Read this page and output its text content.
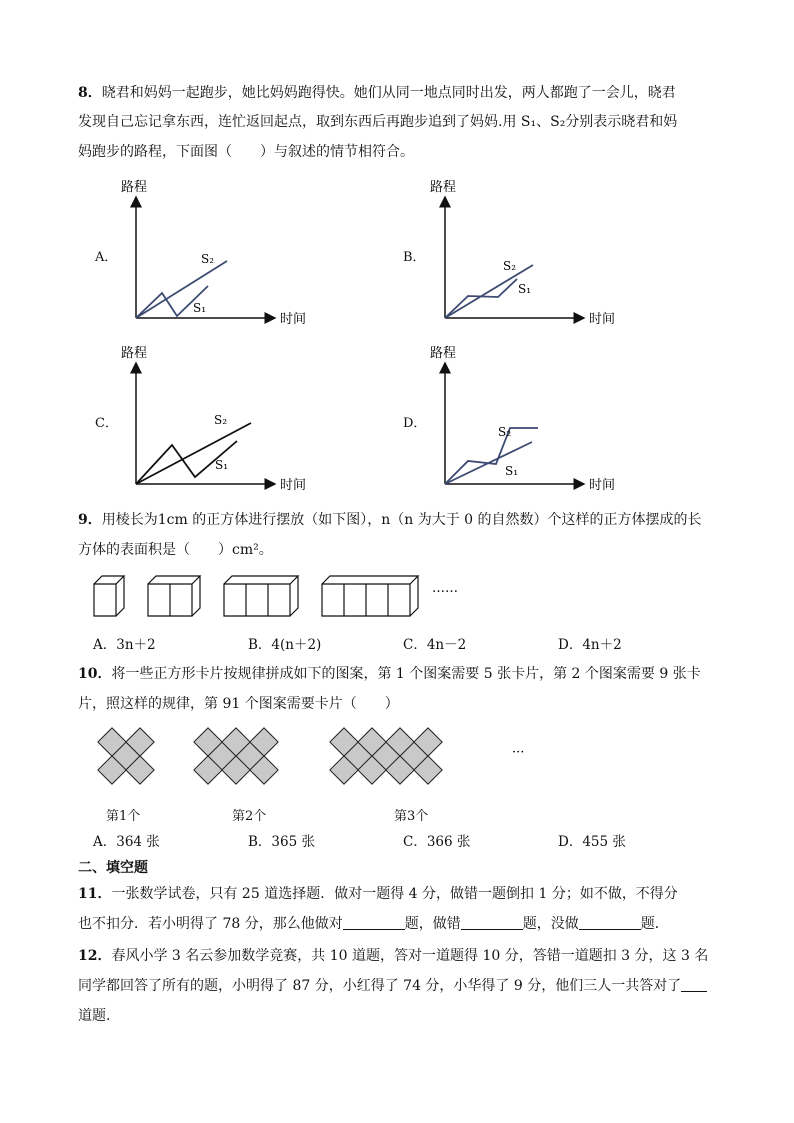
8．晓君和妈妈一起跑步，她比妈妈跑得快。她们从同一地点同时出发，两人都跑了一会儿，晓君
发现自己忘记拿东西，连忙返回起点，取到东西后再跑步追到了妈妈.用 S₁、S₂分别表示晓君和妈
妈跑步的路程，下面图（　　）与叙述的情节相符合。
A．
路程
时间
S₂
S₁
B．
路程
时间
S₂
S₁
C．
路程
时间
S₂
S₁
D．
路程
时间
S₂
S₁
9．用棱长为1cm 的正方体进行摆放（如下图），n（n 为大于 0 的自然数）个这样的正方体摆成的长
方体的表面积是（　　）cm²。
……
A．3n＋2	B．4(n＋2)	C．4n－2	D．4n＋2
10．将一些正方形卡片按规律拼成如下的图案，第 1 个图案需要 5 张卡片，第 2 个图案需要 9 张卡
片，照这样的规律，第 91 个图案需要卡片（　　）
···
第1个	第2个	第3个
A．364 张	B．365 张	C．366 张	D．455 张
二、填空题
11．一张数学试卷，只有 25 道选择题．做对一题得 4 分，做错一题倒扣 1 分；如不做，不得分
也不扣分．若小明得了 78 分，那么他做对	题，做错	题，没做	题．
12．春风小学 3 名云参加数学竞赛，共 10 道题，答对一道题得 10 分，答错一道题扣 3 分，这 3 名
同学都回答了所有的题，小明得了 87 分，小红得了 74 分，小华得了 9 分，他们三人一共答对了
道题.
